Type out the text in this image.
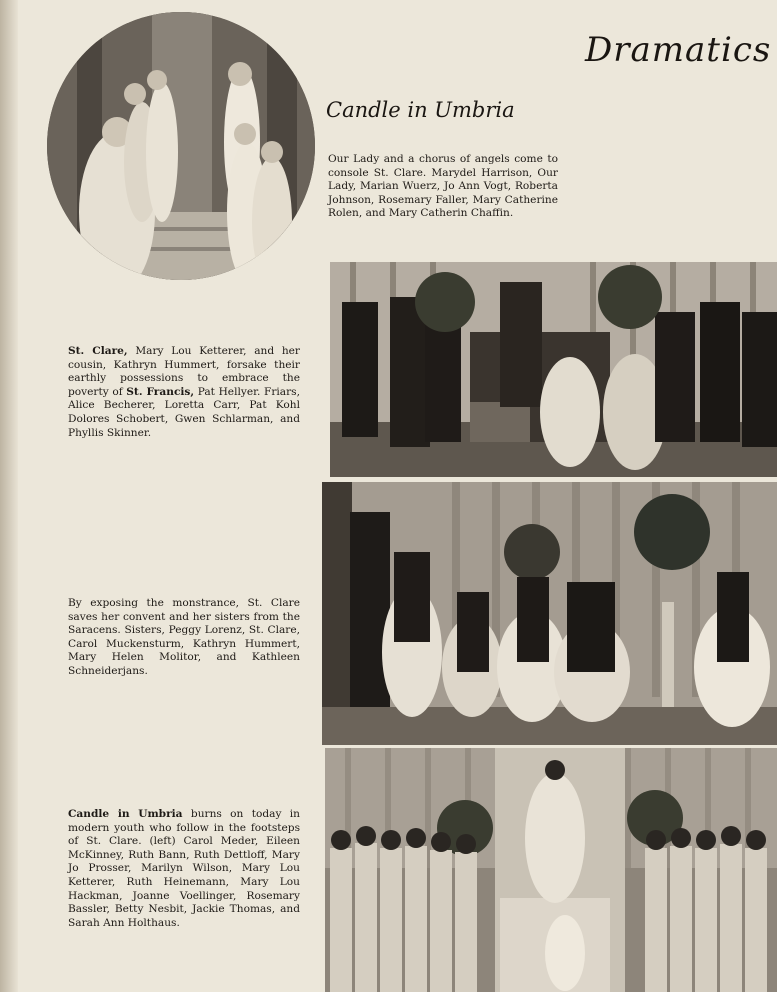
Dramatics
Candle in Umbria
Our Lady and a chorus of angels come to console St. Clare. Marydel Harrison, Our Lady, Marian Wuerz, Jo Ann Vogt, Roberta Johnson, Rosemary Faller, Mary Catherine Rolen, and Mary Catherin Chaffin.
St. Clare, Mary Lou Ketterer, and her cousin, Kathryn Hummert, forsake their earthly possessions to embrace the poverty of St. Francis, Pat Hellyer. Friars, Alice Becherer, Loretta Carr, Pat Kohl Dolores Schobert, Gwen Schlarman, and Phyllis Skinner.
By exposing the monstrance, St. Clare saves her convent and her sisters from the Saracens. Sisters, Peggy Lorenz, St. Clare, Carol Muckensturm, Kathryn Hummert, Mary Helen Molitor, and Kathleen Schneiderjans.
Candle in Umbria burns on today in modern youth who follow in the footsteps of St. Clare. (left) Carol Meder, Eileen McKinney, Ruth Bann, Ruth Dettloff, Mary Jo Prosser, Marilyn Wilson, Mary Lou Ketterer, Ruth Heinemann, Mary Lou Hackman, Joanne Voellinger, Rosemary Bassler, Betty Nesbit, Jackie Thomas, and Sarah Ann Holthaus.
